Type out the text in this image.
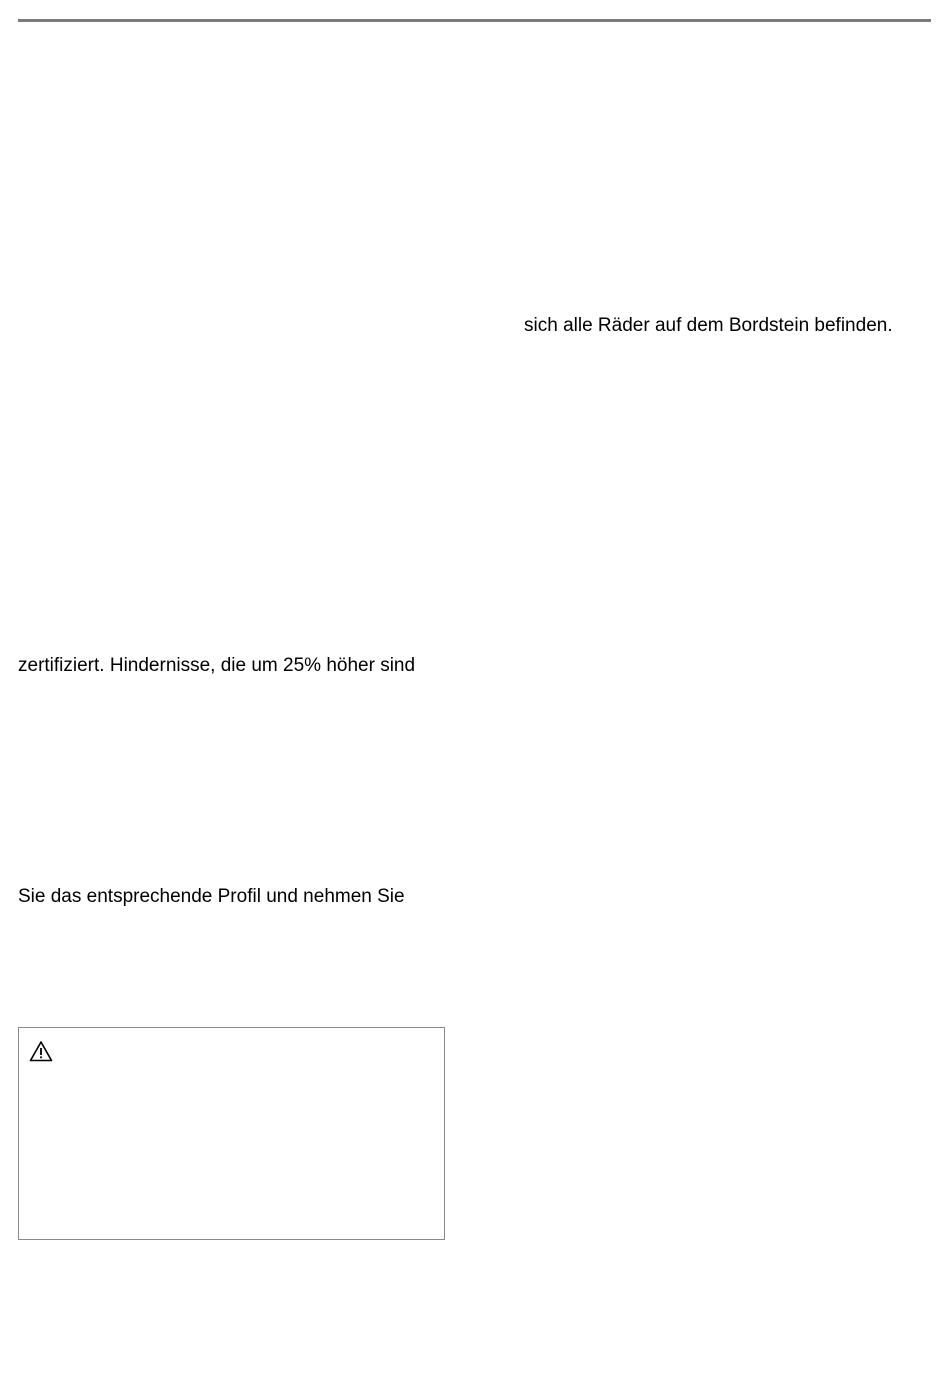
sich alle Räder auf dem Bordstein befinden.
zertifiziert. Hindernisse, die um 25% höher sind
Sie das entsprechende Profil und nehmen Sie
